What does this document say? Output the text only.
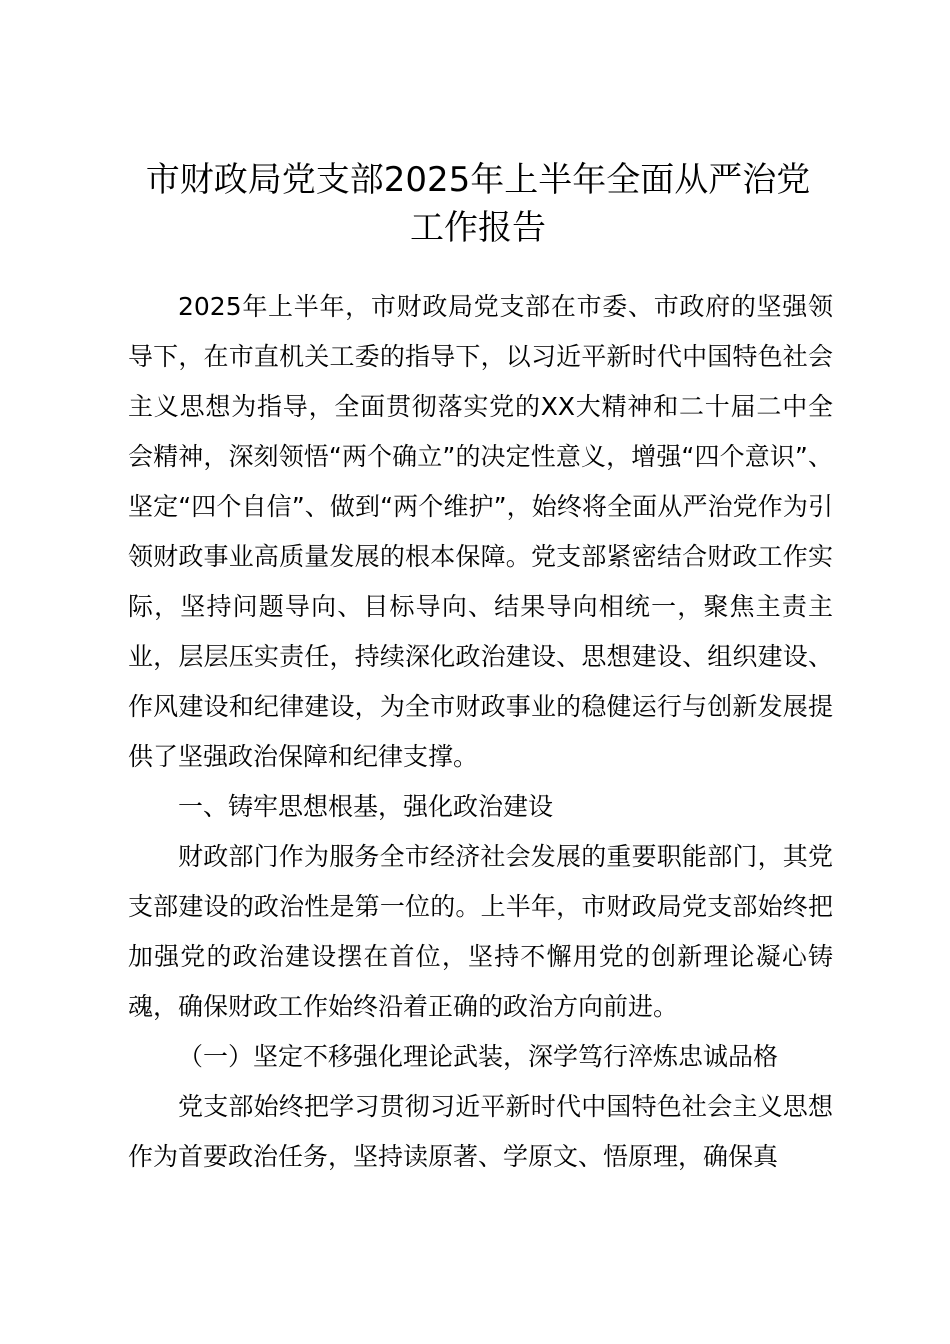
市财政局党支部2025年上半年全面从严治党
工作报告

2025年上半年，市财政局党支部在市委、市政府的坚强领导下，在市直机关工委的指导下，以习近平新时代中国特色社会主义思想为指导，全面贯彻落实党的XX大精神和二十届二中全会精神，深刻领悟“两个确立”的决定性意义，增强“四个意识”、坚定“四个自信”、做到“两个维护”，始终将全面从严治党作为引领财政事业高质量发展的根本保障。党支部紧密结合财政工作实际，坚持问题导向、目标导向、结果导向相统一，聚焦主责主业，层层压实责任，持续深化政治建设、思想建设、组织建设、作风建设和纪律建设，为全市财政事业的稳健运行与创新发展提供了坚强政治保障和纪律支撑。

一、铸牢思想根基，强化政治建设

财政部门作为服务全市经济社会发展的重要职能部门，其党支部建设的政治性是第一位的。上半年，市财政局党支部始终把加强党的政治建设摆在首位，坚持不懈用党的创新理论凝心铸魂，确保财政工作始终沿着正确的政治方向前进。

（一）坚定不移强化理论武装，深学笃行淬炼忠诚品格

党支部始终把学习贯彻习近平新时代中国特色社会主义思想作为首要政治任务，坚持读原著、学原文、悟原理，确保真
